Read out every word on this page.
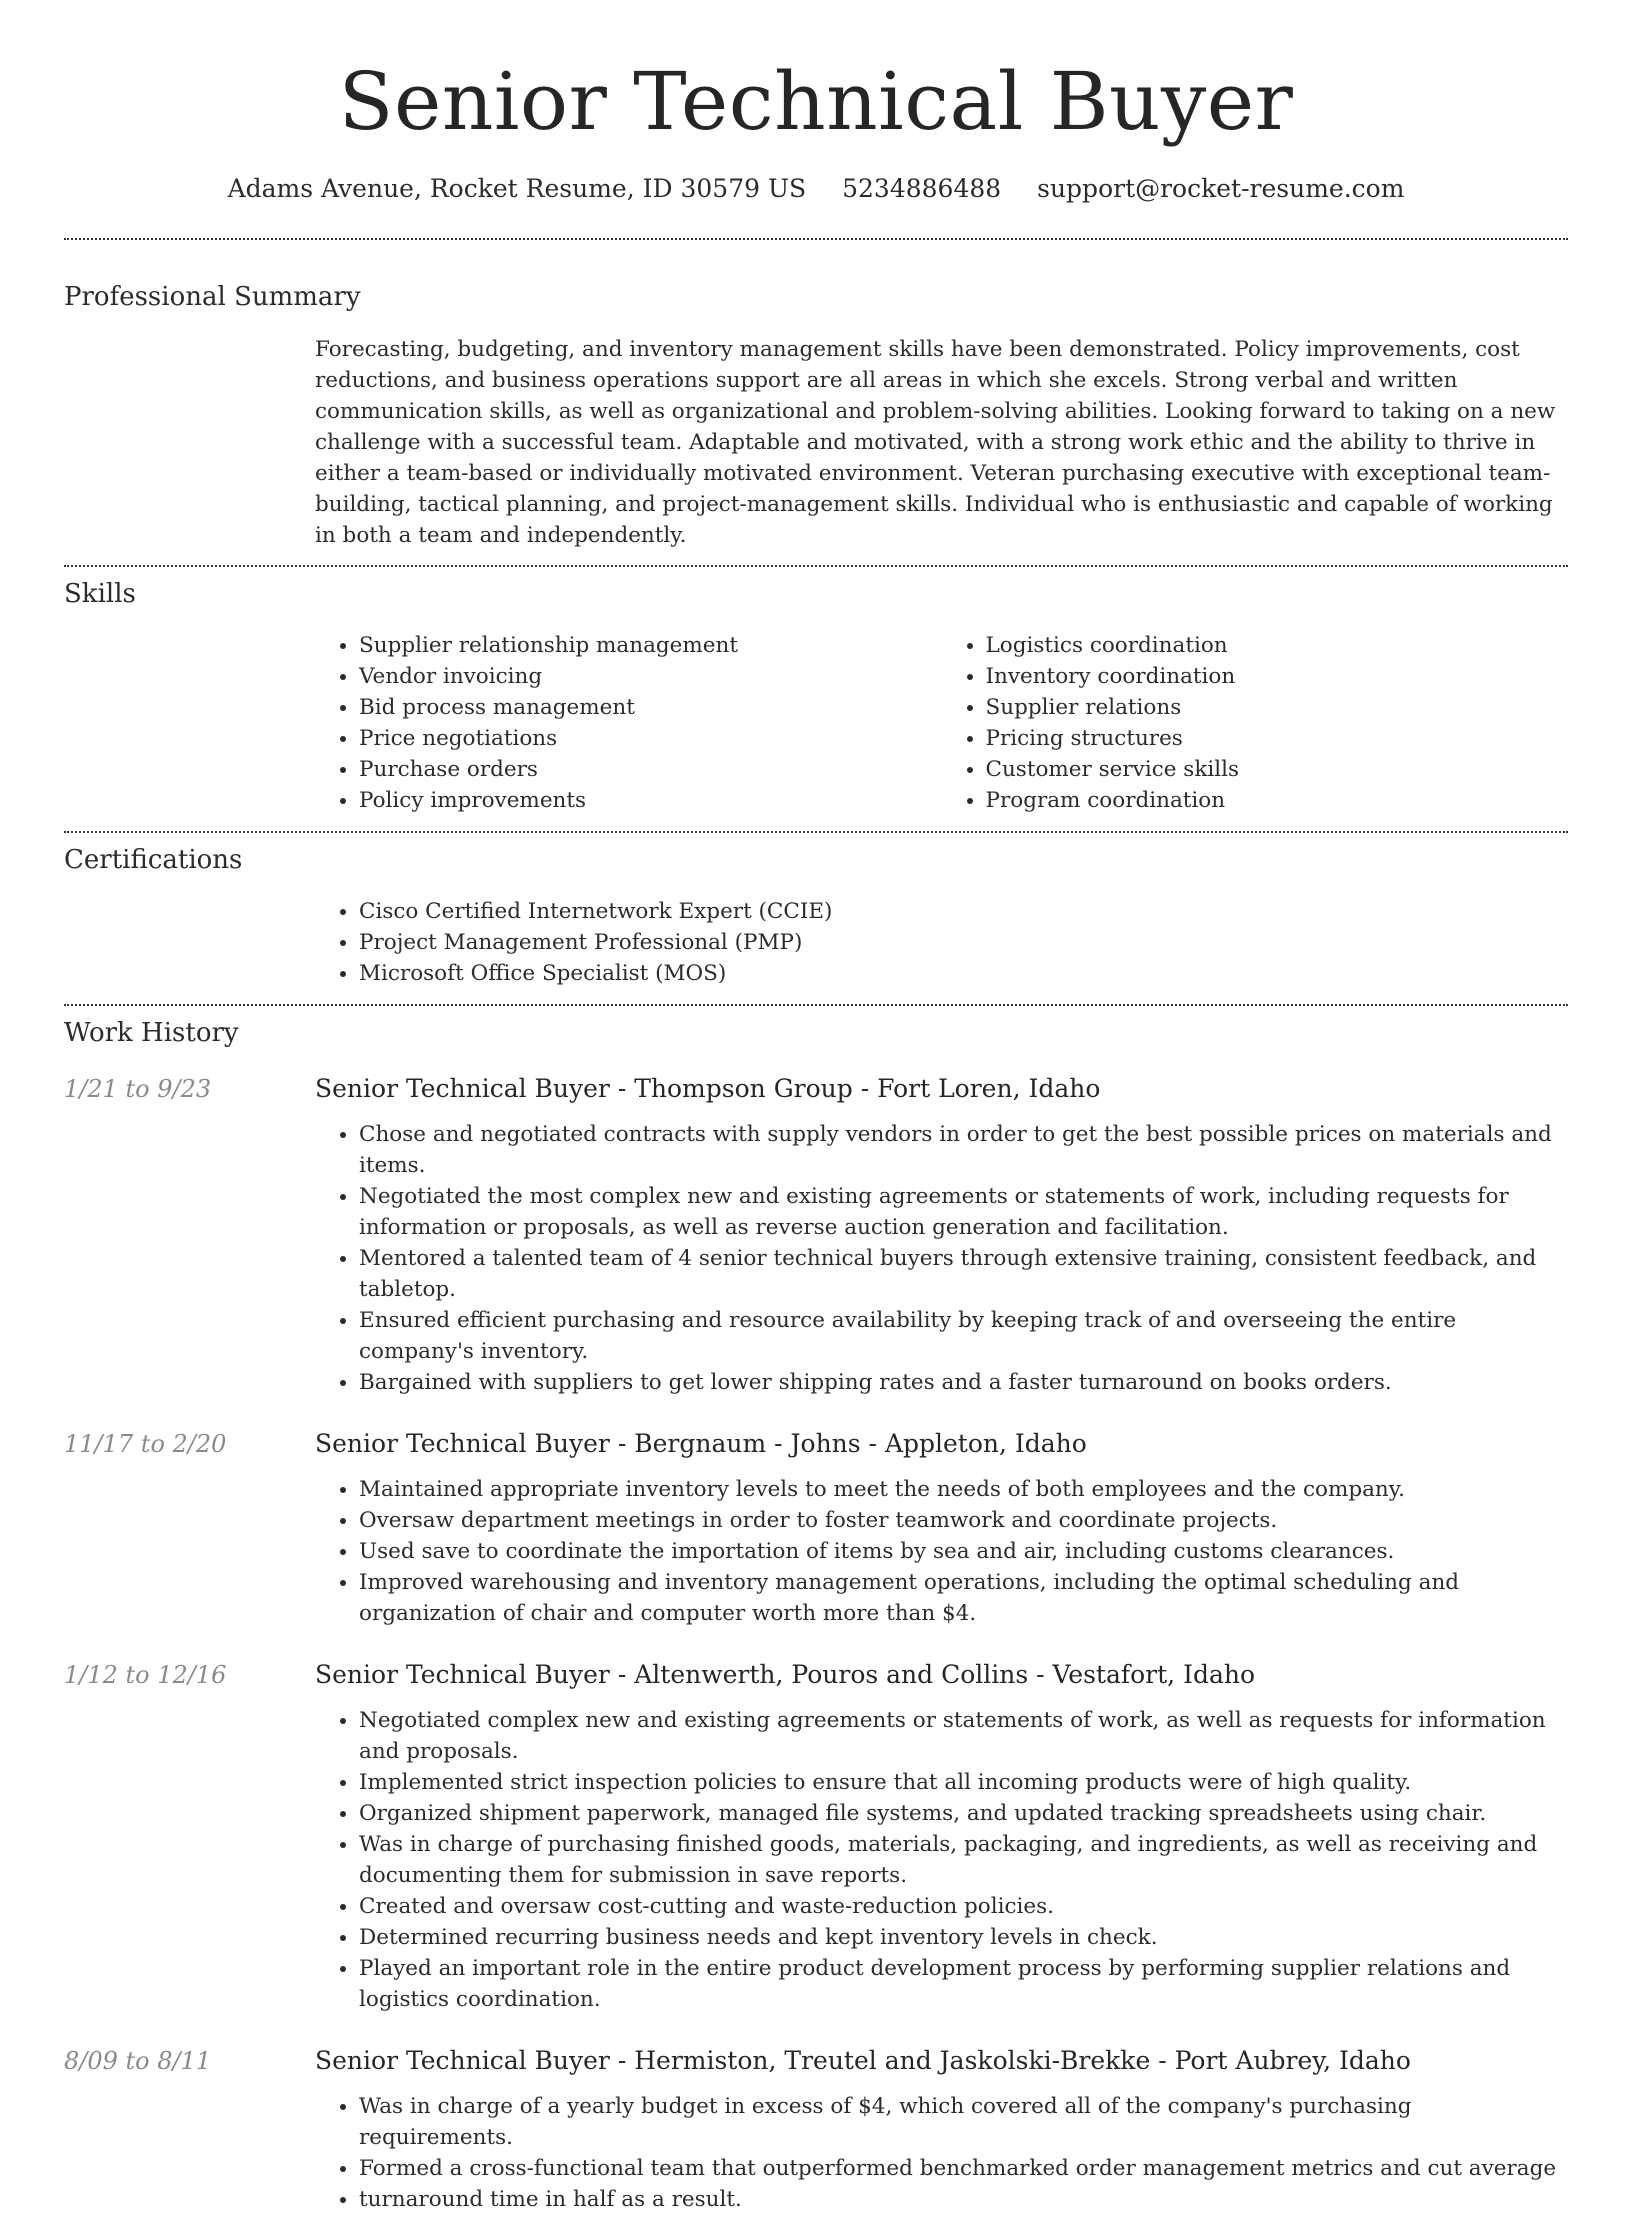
Senior Technical Buyer
Adams Avenue, Rocket Resume, ID 30579 US 5234886488 support@rocket-resume.com
Professional Summary
Forecasting, budgeting, and inventory management skills have been demonstrated. Policy improvements, cost reductions, and business operations support are all areas in which she excels. Strong verbal and written communication skills, as well as organizational and problem-solving abilities. Looking forward to taking on a new challenge with a successful team. Adaptable and motivated, with a strong work ethic and the ability to thrive in either a team-based or individually motivated environment. Veteran purchasing executive with exceptional team-building, tactical planning, and project-management skills. Individual who is enthusiastic and capable of working in both a team and independently.
Skills
• Supplier relationship management
• Vendor invoicing
• Bid process management
• Price negotiations
• Purchase orders
• Policy improvements
• Logistics coordination
• Inventory coordination
• Supplier relations
• Pricing structures
• Customer service skills
• Program coordination
Certifications
• Cisco Certified Internetwork Expert (CCIE)
• Project Management Professional (PMP)
• Microsoft Office Specialist (MOS)
Work History
1/21 to 9/23	Senior Technical Buyer - Thompson Group - Fort Loren, Idaho
• Chose and negotiated contracts with supply vendors in order to get the best possible prices on materials and items.
• Negotiated the most complex new and existing agreements or statements of work, including requests for information or proposals, as well as reverse auction generation and facilitation.
• Mentored a talented team of 4 senior technical buyers through extensive training, consistent feedback, and tabletop.
• Ensured efficient purchasing and resource availability by keeping track of and overseeing the entire company's inventory.
• Bargained with suppliers to get lower shipping rates and a faster turnaround on books orders.
11/17 to 2/20	Senior Technical Buyer - Bergnaum - Johns - Appleton, Idaho
• Maintained appropriate inventory levels to meet the needs of both employees and the company.
• Oversaw department meetings in order to foster teamwork and coordinate projects.
• Used save to coordinate the importation of items by sea and air, including customs clearances.
• Improved warehousing and inventory management operations, including the optimal scheduling and organization of chair and computer worth more than $4.
1/12 to 12/16	Senior Technical Buyer - Altenwerth, Pouros and Collins - Vestafort, Idaho
• Negotiated complex new and existing agreements or statements of work, as well as requests for information and proposals.
• Implemented strict inspection policies to ensure that all incoming products were of high quality.
• Organized shipment paperwork, managed file systems, and updated tracking spreadsheets using chair.
• Was in charge of purchasing finished goods, materials, packaging, and ingredients, as well as receiving and documenting them for submission in save reports.
• Created and oversaw cost-cutting and waste-reduction policies.
• Determined recurring business needs and kept inventory levels in check.
• Played an important role in the entire product development process by performing supplier relations and logistics coordination.
8/09 to 8/11	Senior Technical Buyer - Hermiston, Treutel and Jaskolski-Brekke - Port Aubrey, Idaho
• Was in charge of a yearly budget in excess of $4, which covered all of the company's purchasing requirements.
• Formed a cross-functional team that outperformed benchmarked order management metrics and cut average
• turnaround time in half as a result.
